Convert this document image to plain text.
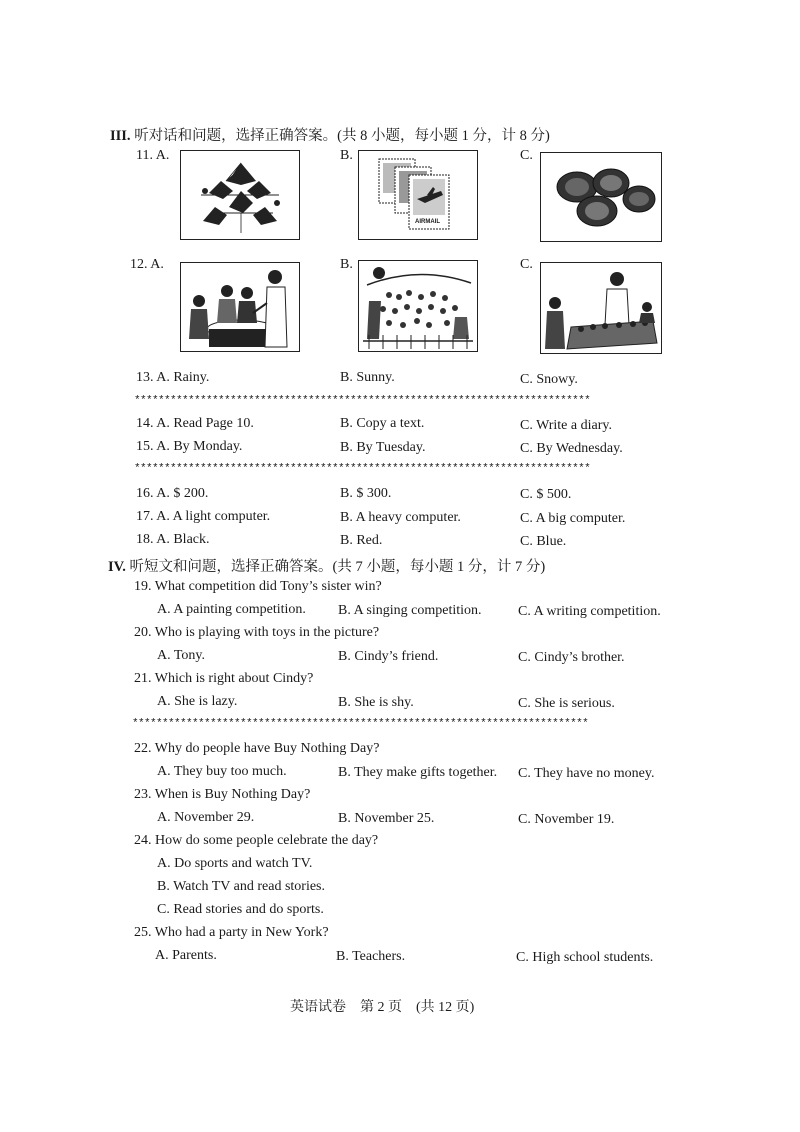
III. 听对话和问题，选择正确答案。(共 8 小题，每小题 1 分，计 8 分)
11. A.	B.
AIRMAIL
C.
12. A.	B.	C.
13. A. Rainy.	B. Sunny.	C. Snowy.
****************************************************************************
14. A. Read Page 10.	B. Copy a text.	C. Write a diary.
15. A. By Monday.	B. By Tuesday.	C. By Wednesday.
****************************************************************************
16. A. $ 200.	B. $ 300.	C. $ 500.
17. A. A light computer.	B. A heavy computer.	C. A big computer.
18. A. Black.	B. Red.	C. Blue.
IV. 听短文和问题，选择正确答案。(共 7 小题，每小题 1 分，计 7 分)
19. What competition did Tony’s sister win?
A. A painting competition. B. A singing competition.	C. A writing competition.
20. Who is playing with toys in the picture?
A. Tony.	B. Cindy’s friend.	C. Cindy’s brother.
21. Which is right about Cindy?
A. She is lazy.	B. She is shy.	C. She is serious.
****************************************************************************
22. Why do people have Buy Nothing Day?
A. They buy too much.	B. They make gifts together. C. They have no money.
23. When is Buy Nothing Day?
A. November 29.	B. November 25.	C. November 19.
24. How do some people celebrate the day?
A. Do sports and watch TV.
B. Watch TV and read stories.
C. Read stories and do sports.
25. Who had a party in New York?
A. Parents.	B. Teachers.	C. High school students.
英语试卷　第 2 页　(共 12 页)
